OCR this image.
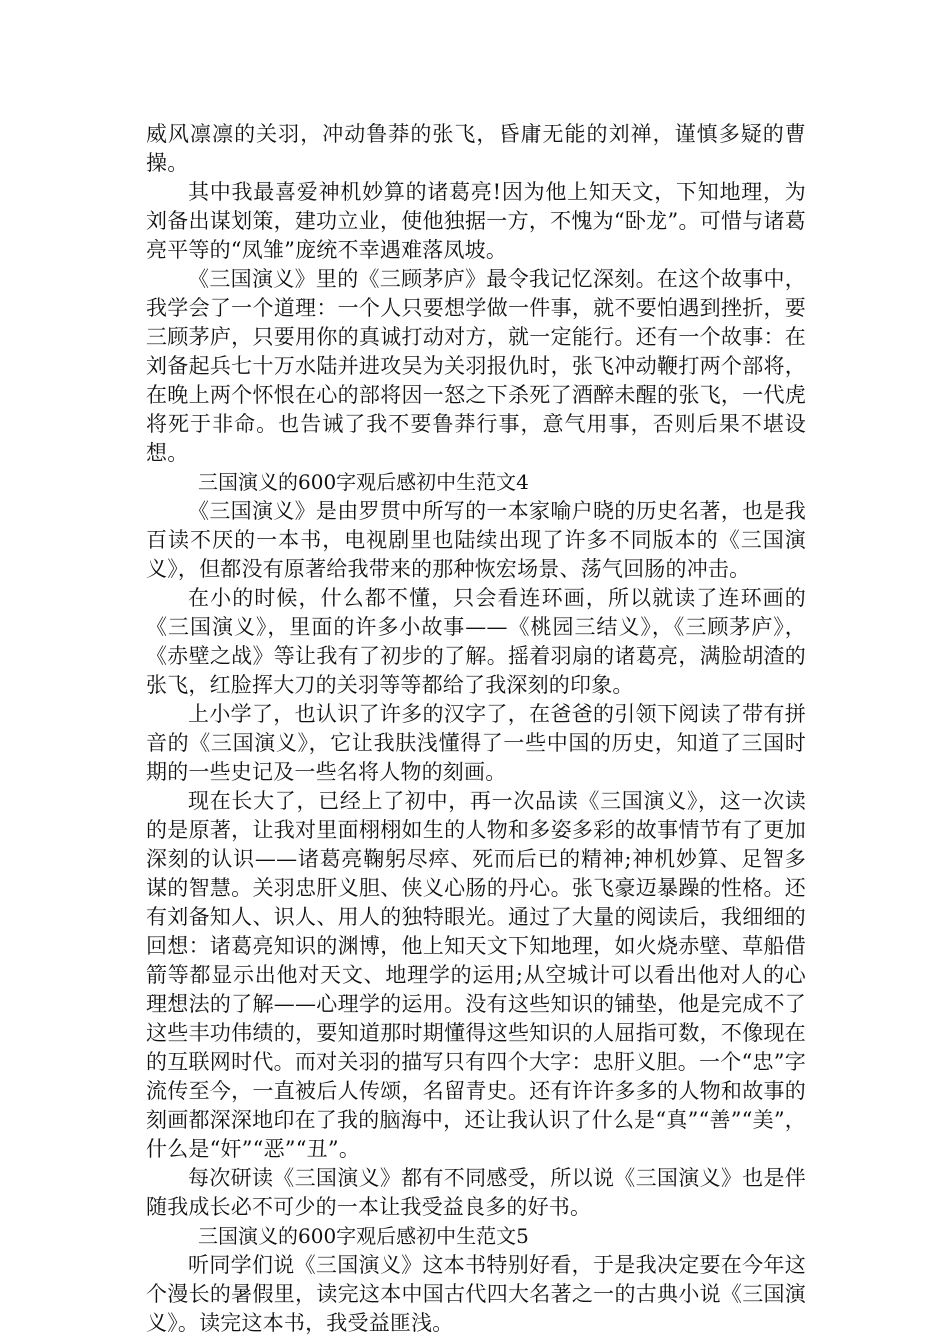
威风凛凛的关羽，冲动鲁莽的张飞，昏庸无能的刘禅，谨慎多疑的曹操。

其中我最喜爱神机妙算的诸葛亮!因为他上知天文，下知地理，为刘备出谋划策，建功立业，使他独据一方，不愧为“卧龙”。可惜与诸葛亮平等的“凤雏”庞统不幸遇难落凤坡。

《三国演义》里的《三顾茅庐》最令我记忆深刻。在这个故事中，我学会了一个道理：一个人只要想学做一件事，就不要怕遇到挫折，要三顾茅庐，只要用你的真诚打动对方，就一定能行。还有一个故事：在刘备起兵七十万水陆并进攻吴为关羽报仇时，张飞冲动鞭打两个部将，在晚上两个怀恨在心的部将因一怒之下杀死了酒醉未醒的张飞，一代虎将死于非命。也告诫了我不要鲁莽行事，意气用事，否则后果不堪设想。

三国演义的600字观后感初中生范文4

《三国演义》是由罗贯中所写的一本家喻户晓的历史名著，也是我百读不厌的一本书，电视剧里也陆续出现了许多不同版本的《三国演义》，但都没有原著给我带来的那种恢宏场景、荡气回肠的冲击。

在小的时候，什么都不懂，只会看连环画，所以就读了连环画的《三国演义》，里面的许多小故事——《桃园三结义》，《三顾茅庐》，《赤壁之战》等让我有了初步的了解。摇着羽扇的诸葛亮，满脸胡渣的张飞，红脸挥大刀的关羽等等都给了我深刻的印象。

上小学了，也认识了许多的汉字了，在爸爸的引领下阅读了带有拼音的《三国演义》，它让我肤浅懂得了一些中国的历史，知道了三国时期的一些史记及一些名将人物的刻画。

现在长大了，已经上了初中，再一次品读《三国演义》，这一次读的是原著，让我对里面栩栩如生的人物和多姿多彩的故事情节有了更加深刻的认识——诸葛亮鞠躬尽瘁、死而后已的精神;神机妙算、足智多谋的智慧。关羽忠肝义胆、侠义心肠的丹心。张飞豪迈暴躁的性格。还有刘备知人、识人、用人的独特眼光。通过了大量的阅读后，我细细的回想：诸葛亮知识的渊博，他上知天文下知地理，如火烧赤壁、草船借箭等都显示出他对天文、地理学的运用;从空城计可以看出他对人的心理想法的了解——心理学的运用。没有这些知识的铺垫，他是完成不了这些丰功伟绩的，要知道那时期懂得这些知识的人屈指可数，不像现在的互联网时代。而对关羽的描写只有四个大字：忠肝义胆。一个“忠”字流传至今，一直被后人传颂，名留青史。还有许许多多的人物和故事的刻画都深深地印在了我的脑海中，还让我认识了什么是“真”“善”“美”，什么是“奸”“恶”“丑”。

每次研读《三国演义》都有不同感受，所以说《三国演义》也是伴随我成长必不可少的一本让我受益良多的好书。

三国演义的600字观后感初中生范文5

听同学们说《三国演义》这本书特别好看，于是我决定要在今年这个漫长的暑假里，读完这本中国古代四大名著之一的古典小说《三国演义》。读完这本书，我受益匪浅。
